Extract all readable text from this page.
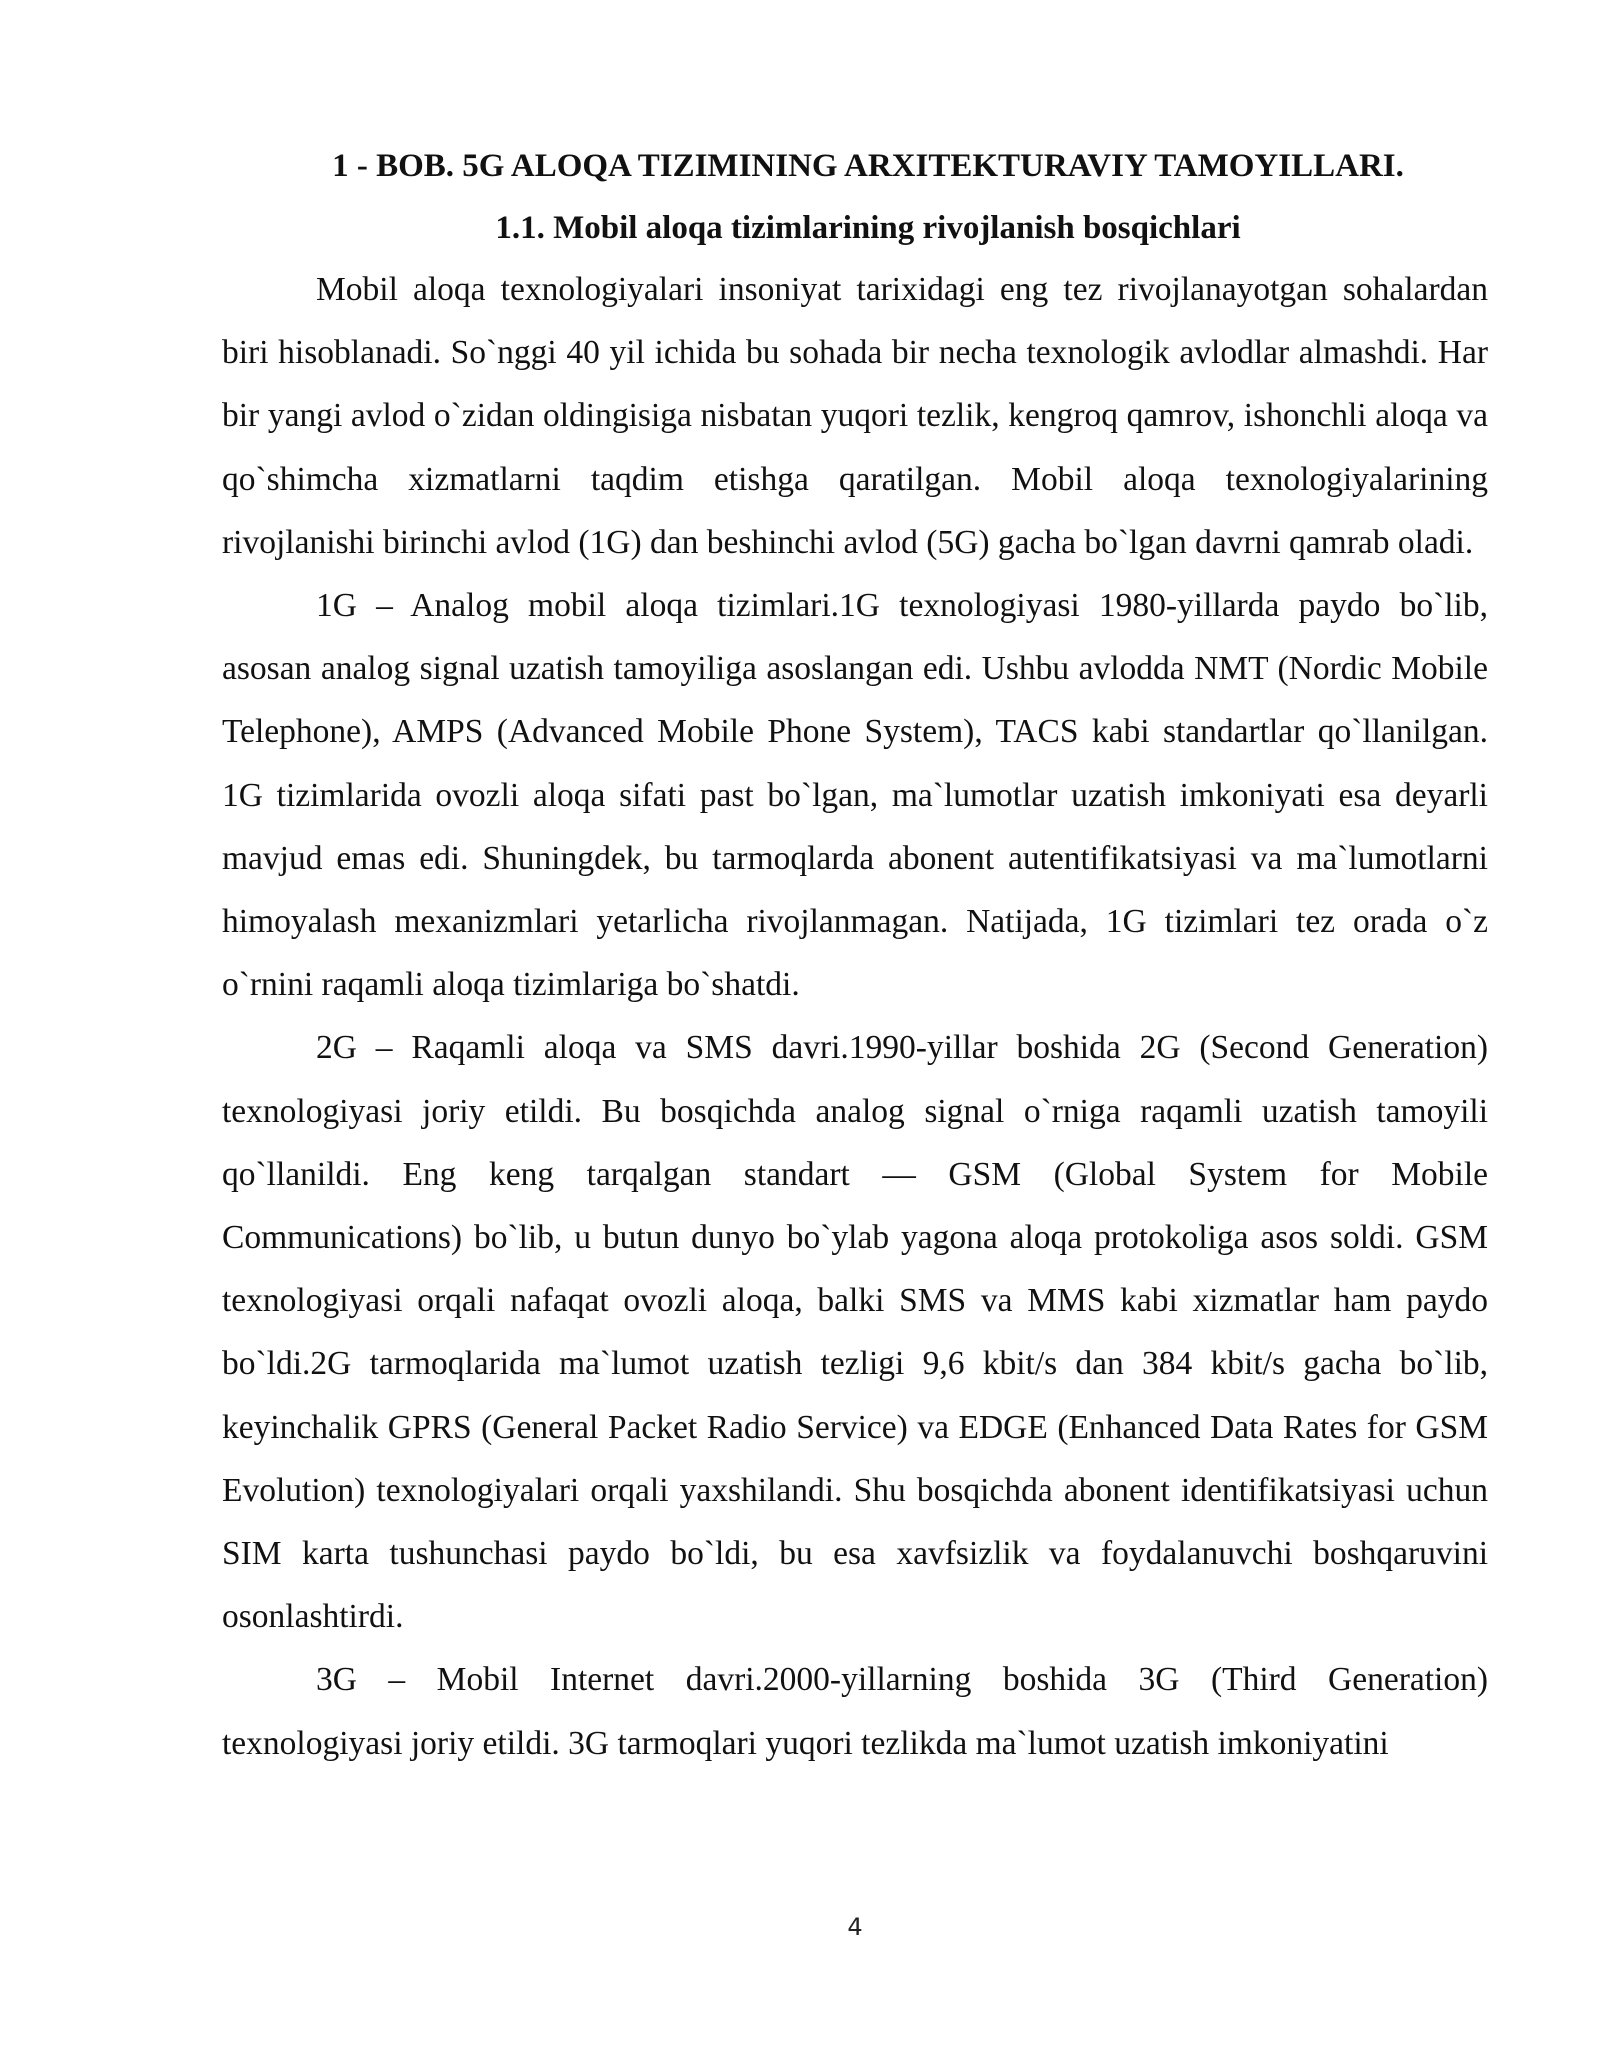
1 - BOB. 5G ALOQA TIZIMINING ARXITEKTURAVIY TAMOYILLARI.
1.1. Mobil aloqa tizimlarining rivojlanish bosqichlari

Mobil aloqa texnologiyalari insoniyat tarixidagi eng tez rivojlanayotgan sohalardan biri hisoblanadi. So`nggi 40 yil ichida bu sohada bir necha texnologik avlodlar almashdi. Har bir yangi avlod o`zidan oldingisiga nisbatan yuqori tezlik, kengroq qamrov, ishonchli aloqa va qo`shimcha xizmatlarni taqdim etishga qaratilgan. Mobil aloqa texnologiyalarining rivojlanishi birinchi avlod (1G) dan beshinchi avlod (5G) gacha bo`lgan davrni qamrab oladi.

1G – Analog mobil aloqa tizimlari.1G texnologiyasi 1980-yillarda paydo bo`lib, asosan analog signal uzatish tamoyiliga asoslangan edi. Ushbu avlodda NMT (Nordic Mobile Telephone), AMPS (Advanced Mobile Phone System), TACS kabi standartlar qo`llanilgan. 1G tizimlarida ovozli aloqa sifati past bo`lgan, ma`lumotlar uzatish imkoniyati esa deyarli mavjud emas edi. Shuningdek, bu tarmoqlarda abonent autentifikatsiyasi va ma`lumotlarni himoyalash mexanizmlari yetarlicha rivojlanmagan. Natijada, 1G tizimlari tez orada o`z o`rnini raqamli aloqa tizimlariga bo`shatdi.

2G – Raqamli aloqa va SMS davri.1990-yillar boshida 2G (Second Generation) texnologiyasi joriy etildi. Bu bosqichda analog signal o`rniga raqamli uzatish tamoyili qo`llanildi. Eng keng tarqalgan standart — GSM (Global System for Mobile Communications) bo`lib, u butun dunyo bo`ylab yagona aloqa protokoliga asos soldi. GSM texnologiyasi orqali nafaqat ovozli aloqa, balki SMS va MMS kabi xizmatlar ham paydo bo`ldi.2G tarmoqlarida ma`lumot uzatish tezligi 9,6 kbit/s dan 384 kbit/s gacha bo`lib, keyinchalik GPRS (General Packet Radio Service) va EDGE (Enhanced Data Rates for GSM Evolution) texnologiyalari orqali yaxshilandi. Shu bosqichda abonent identifikatsiyasi uchun SIM karta tushunchasi paydo bo`ldi, bu esa xavfsizlik va foydalanuvchi boshqaruvini osonlashtirdi.

3G – Mobil Internet davri.2000-yillarning boshida 3G (Third Generation) texnologiyasi joriy etildi. 3G tarmoqlari yuqori tezlikda ma`lumot uzatish imkoniyatini

4
